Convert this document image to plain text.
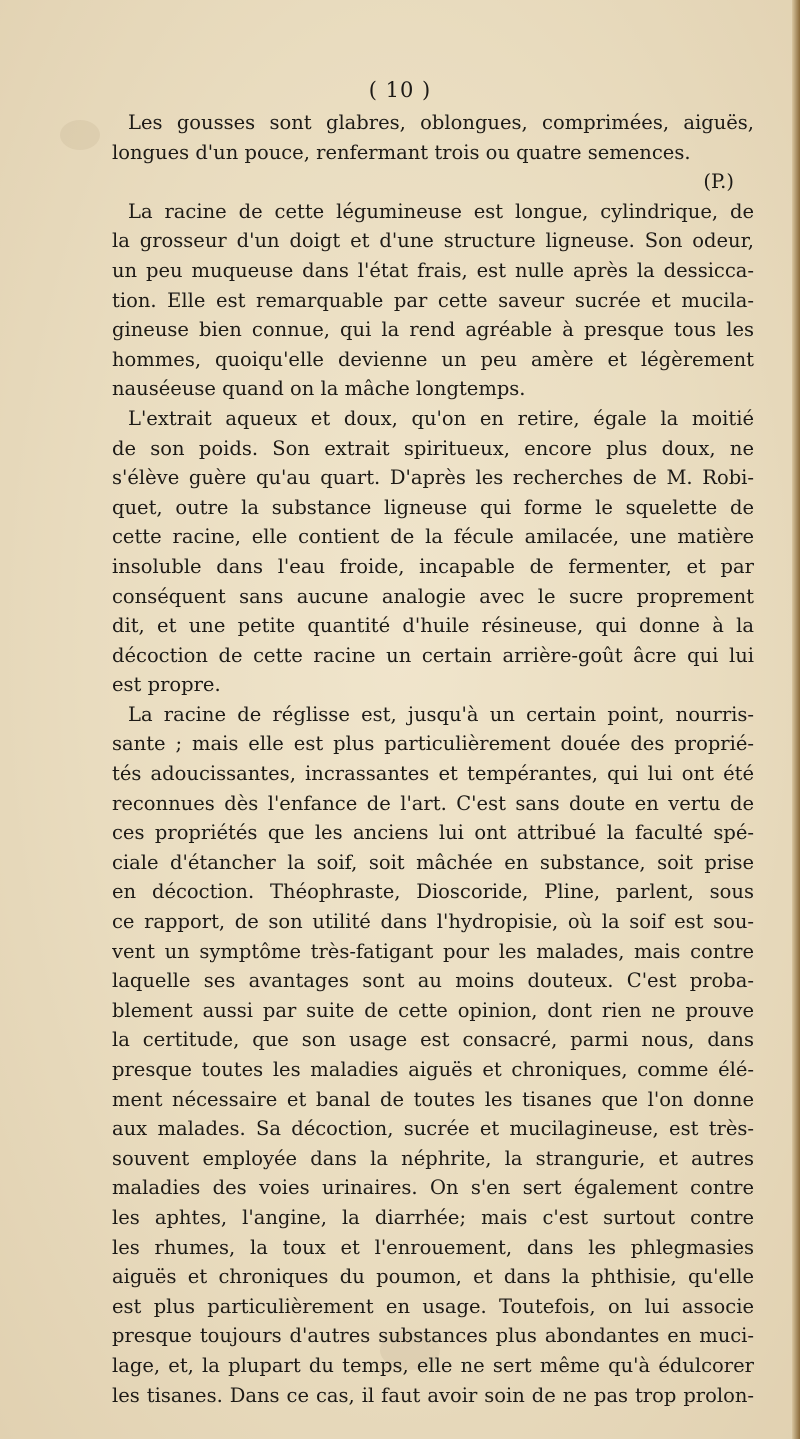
( 10 )
Les gousses sont glabres, oblongues, comprimées, aiguës,
longues d'un pouce, renfermant trois ou quatre semences.
(P.)
La racine de cette légumineuse est longue, cylindrique, de
la grosseur d'un doigt et d'une structure ligneuse. Son odeur,
un peu muqueuse dans l'état frais, est nulle après la dessicca-
tion. Elle est remarquable par cette saveur sucrée et mucila-
gineuse bien connue, qui la rend agréable à presque tous les
hommes, quoiqu'elle devienne un peu amère et légèrement
nauséeuse quand on la mâche longtemps.
L'extrait aqueux et doux, qu'on en retire, égale la moitié
de son poids. Son extrait spiritueux, encore plus doux, ne
s'élève guère qu'au quart. D'après les recherches de M. Robi-
quet, outre la substance ligneuse qui forme le squelette de
cette racine, elle contient de la fécule amilacée, une matière
insoluble dans l'eau froide, incapable de fermenter, et par
conséquent sans aucune analogie avec le sucre proprement
dit, et une petite quantité d'huile résineuse, qui donne à la
décoction de cette racine un certain arrière-goût âcre qui lui
est propre.
La racine de réglisse est, jusqu'à un certain point, nourris-
sante ; mais elle est plus particulièrement douée des proprié-
tés adoucissantes, incrassantes et tempérantes, qui lui ont été
reconnues dès l'enfance de l'art. C'est sans doute en vertu de
ces propriétés que les anciens lui ont attribué la faculté spé-
ciale d'étancher la soif, soit mâchée en substance, soit prise
en décoction. Théophraste, Dioscoride, Pline, parlent, sous
ce rapport, de son utilité dans l'hydropisie, où la soif est sou-
vent un symptôme très-fatigant pour les malades, mais contre
laquelle ses avantages sont au moins douteux. C'est proba-
blement aussi par suite de cette opinion, dont rien ne prouve
la certitude, que son usage est consacré, parmi nous, dans
presque toutes les maladies aiguës et chroniques, comme élé-
ment nécessaire et banal de toutes les tisanes que l'on donne
aux malades. Sa décoction, sucrée et mucilagineuse, est très-
souvent employée dans la néphrite, la strangurie, et autres
maladies des voies urinaires. On s'en sert également contre
les aphtes, l'angine, la diarrhée; mais c'est surtout contre
les rhumes, la toux et l'enrouement, dans les phlegmasies
aiguës et chroniques du poumon, et dans la phthisie, qu'elle
est plus particulièrement en usage. Toutefois, on lui associe
presque toujours d'autres substances plus abondantes en muci-
lage, et, la plupart du temps, elle ne sert même qu'à édulcorer
les tisanes. Dans ce cas, il faut avoir soin de ne pas trop prolon-
